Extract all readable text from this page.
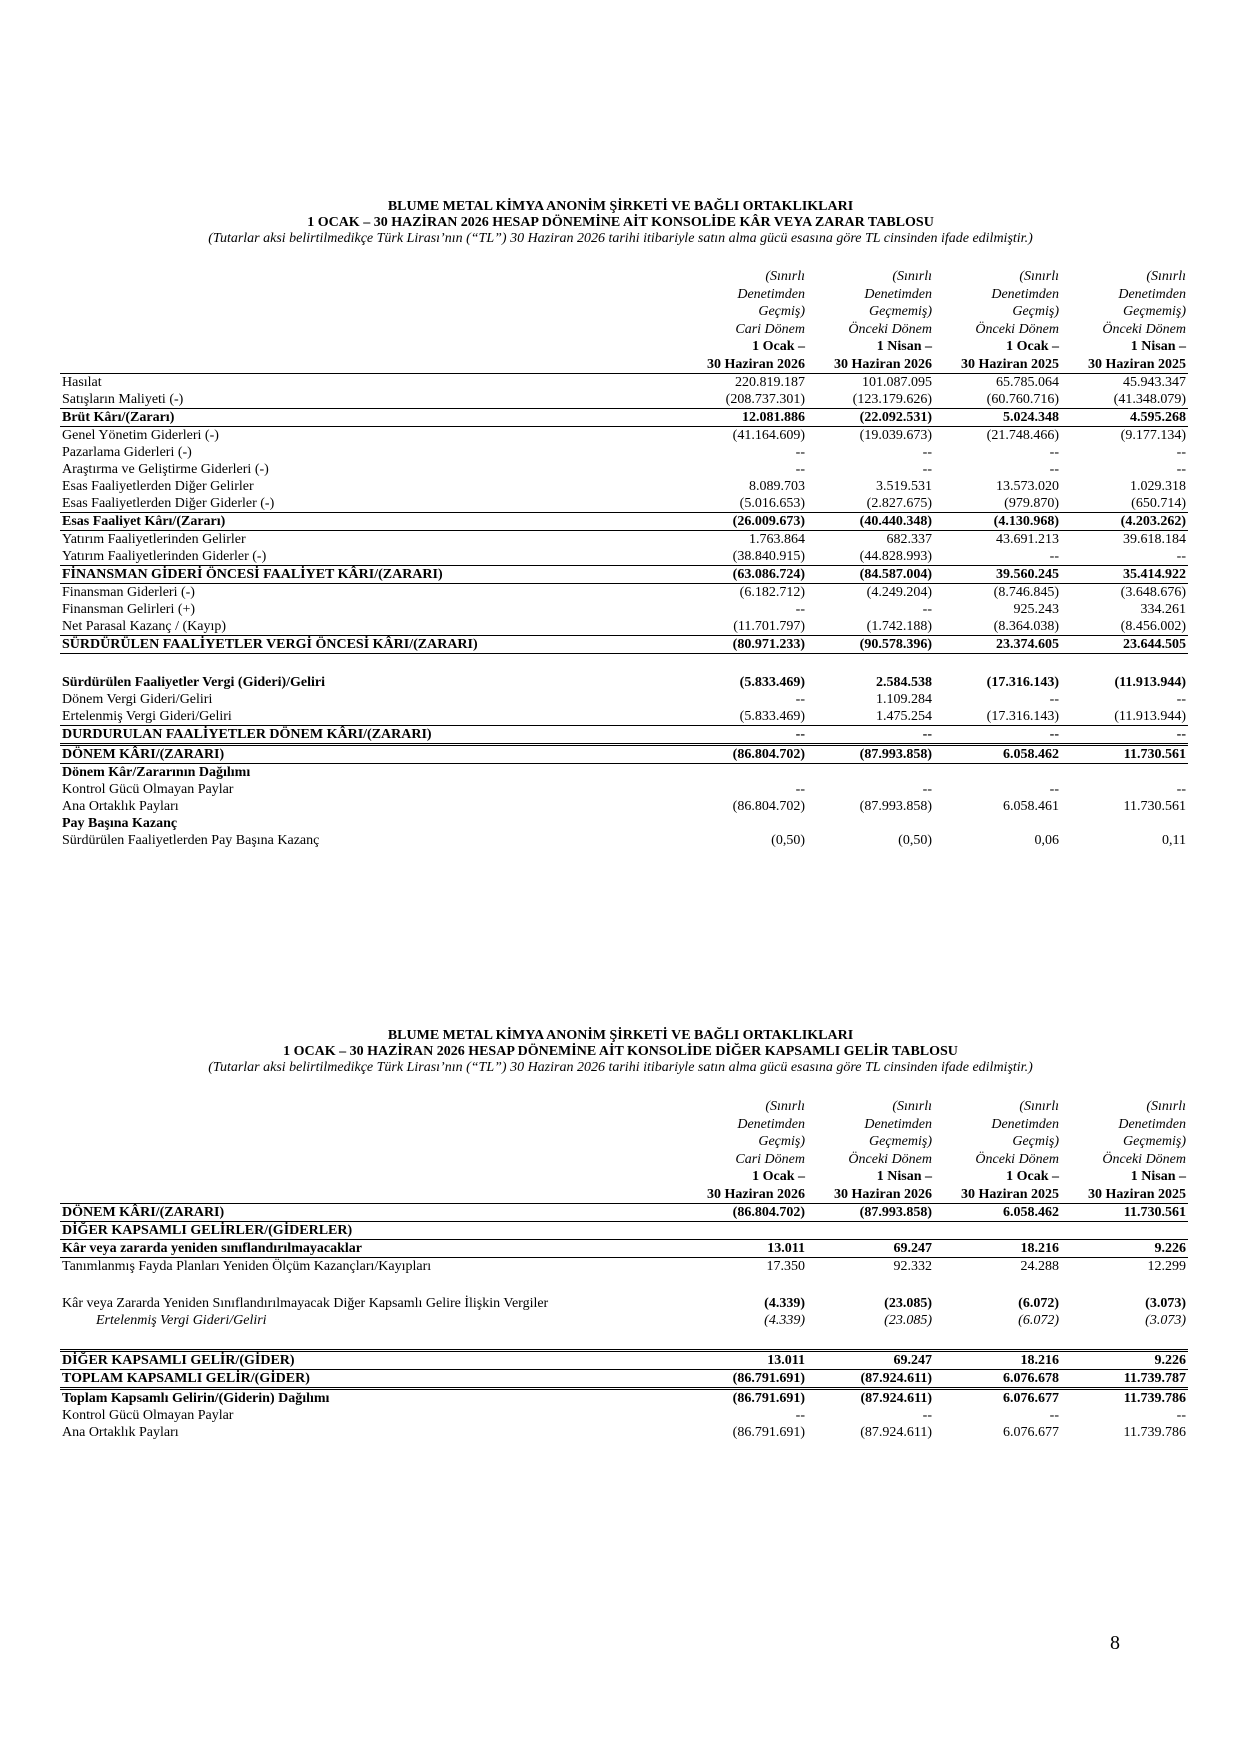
BLUME METAL KİMYA ANONİM ŞİRKETİ VE BAĞLI ORTAKLIKLARI
1 OCAK – 30 HAZİRAN 2026 HESAP DÖNEMİNE AİT KONSOLİDE KÂR VEYA ZARAR TABLOSU
(Tutarlar aksi belirtilmedikçe Türk Lirası’nın (“TL”) 30 Haziran 2026 tarihi itibariyle satın alma gücü esasına göre TL cinsinden ifade edilmiştir.)
	(Sınırlı	(Sınırlı	(Sınırlı	(Sınırlı
	Denetimden	Denetimden	Denetimden	Denetimden
	Geçmiş)	Geçmemiş)	Geçmiş)	Geçmemiş)
	Cari Dönem	Önceki Dönem	Önceki Dönem	Önceki Dönem
	1 Ocak –	1 Nisan –	1 Ocak –	1 Nisan –
	30 Haziran 2026	30 Haziran 2026	30 Haziran 2025	30 Haziran 2025
Hasılat	220.819.187	101.087.095	65.785.064	45.943.347
Satışların Maliyeti (-)	(208.737.301)	(123.179.626)	(60.760.716)	(41.348.079)
Brüt Kârı/(Zararı)	12.081.886	(22.092.531)	5.024.348	4.595.268
Genel Yönetim Giderleri (-)	(41.164.609)	(19.039.673)	(21.748.466)	(9.177.134)
Pazarlama Giderleri (-)	--	--	--	--
Araştırma ve Geliştirme Giderleri (-)	--	--	--	--
Esas Faaliyetlerden Diğer Gelirler	8.089.703	3.519.531	13.573.020	1.029.318
Esas Faaliyetlerden Diğer Giderler (-)	(5.016.653)	(2.827.675)	(979.870)	(650.714)
Esas Faaliyet Kârı/(Zararı)	(26.009.673)	(40.440.348)	(4.130.968)	(4.203.262)
Yatırım Faaliyetlerinden Gelirler	1.763.864	682.337	43.691.213	39.618.184
Yatırım Faaliyetlerinden Giderler (-)	(38.840.915)	(44.828.993)	--	--
FİNANSMAN GİDERİ ÖNCESİ FAALİYET KÂRI/(ZARARI)	(63.086.724)	(84.587.004)	39.560.245	35.414.922
Finansman Giderleri (-)	(6.182.712)	(4.249.204)	(8.746.845)	(3.648.676)
Finansman Gelirleri (+)	--	--	925.243	334.261
Net Parasal Kazanç / (Kayıp)	(11.701.797)	(1.742.188)	(8.364.038)	(8.456.002)
SÜRDÜRÜLEN FAALİYETLER VERGİ ÖNCESİ KÂRI/(ZARARI)	(80.971.233)	(90.578.396)	23.374.605	23.644.505

Sürdürülen Faaliyetler Vergi (Gideri)/Geliri	(5.833.469)	2.584.538	(17.316.143)	(11.913.944)
Dönem Vergi Gideri/Geliri	--	1.109.284	--	--
Ertelenmiş Vergi Gideri/Geliri	(5.833.469)	1.475.254	(17.316.143)	(11.913.944)
DURDURULAN FAALİYETLER DÖNEM KÂRI/(ZARARI)	--	--	--	--
DÖNEM KÂRI/(ZARARI)	(86.804.702)	(87.993.858)	6.058.462	11.730.561
Dönem Kâr/Zararının Dağılımı				
Kontrol Gücü Olmayan Paylar	--	--	--	--
Ana Ortaklık Payları	(86.804.702)	(87.993.858)	6.058.461	11.730.561
Pay Başına Kazanç				
Sürdürülen Faaliyetlerden Pay Başına Kazanç	(0,50)	(0,50)	0,06	0,11
BLUME METAL KİMYA ANONİM ŞİRKETİ VE BAĞLI ORTAKLIKLARI
1 OCAK – 30 HAZİRAN 2026 HESAP DÖNEMİNE AİT KONSOLİDE DİĞER KAPSAMLI GELİR TABLOSU
(Tutarlar aksi belirtilmedikçe Türk Lirası’nın (“TL”) 30 Haziran 2026 tarihi itibariyle satın alma gücü esasına göre TL cinsinden ifade edilmiştir.)
	(Sınırlı	(Sınırlı	(Sınırlı	(Sınırlı
	Denetimden	Denetimden	Denetimden	Denetimden
	Geçmiş)	Geçmemiş)	Geçmiş)	Geçmemiş)
	Cari Dönem	Önceki Dönem	Önceki Dönem	Önceki Dönem
	1 Ocak –	1 Nisan –	1 Ocak –	1 Nisan –
	30 Haziran 2026	30 Haziran 2026	30 Haziran 2025	30 Haziran 2025
DÖNEM KÂRI/(ZARARI)	(86.804.702)	(87.993.858)	6.058.462	11.730.561
DİĞER KAPSAMLI GELİRLER/(GİDERLER)				
Kâr veya zararda yeniden sınıflandırılmayacaklar	13.011	69.247	18.216	9.226
Tanımlanmış Fayda Planları Yeniden Ölçüm Kazançları/Kayıpları	17.350	92.332	24.288	12.299

Kâr veya Zararda Yeniden Sınıflandırılmayacak Diğer Kapsamlı Gelire İlişkin Vergiler	(4.339)	(23.085)	(6.072)	(3.073)
Ertelenmiş Vergi Gideri/Geliri	(4.339)	(23.085)	(6.072)	(3.073)

DİĞER KAPSAMLI GELİR/(GİDER)	13.011	69.247	18.216	9.226
TOPLAM KAPSAMLI GELİR/(GİDER)	(86.791.691)	(87.924.611)	6.076.678	11.739.787
Toplam Kapsamlı Gelirin/(Giderin) Dağılımı	(86.791.691)	(87.924.611)	6.076.677	11.739.786
Kontrol Gücü Olmayan Paylar	--	--	--	--
Ana Ortaklık Payları	(86.791.691)	(87.924.611)	6.076.677	11.739.786
8
